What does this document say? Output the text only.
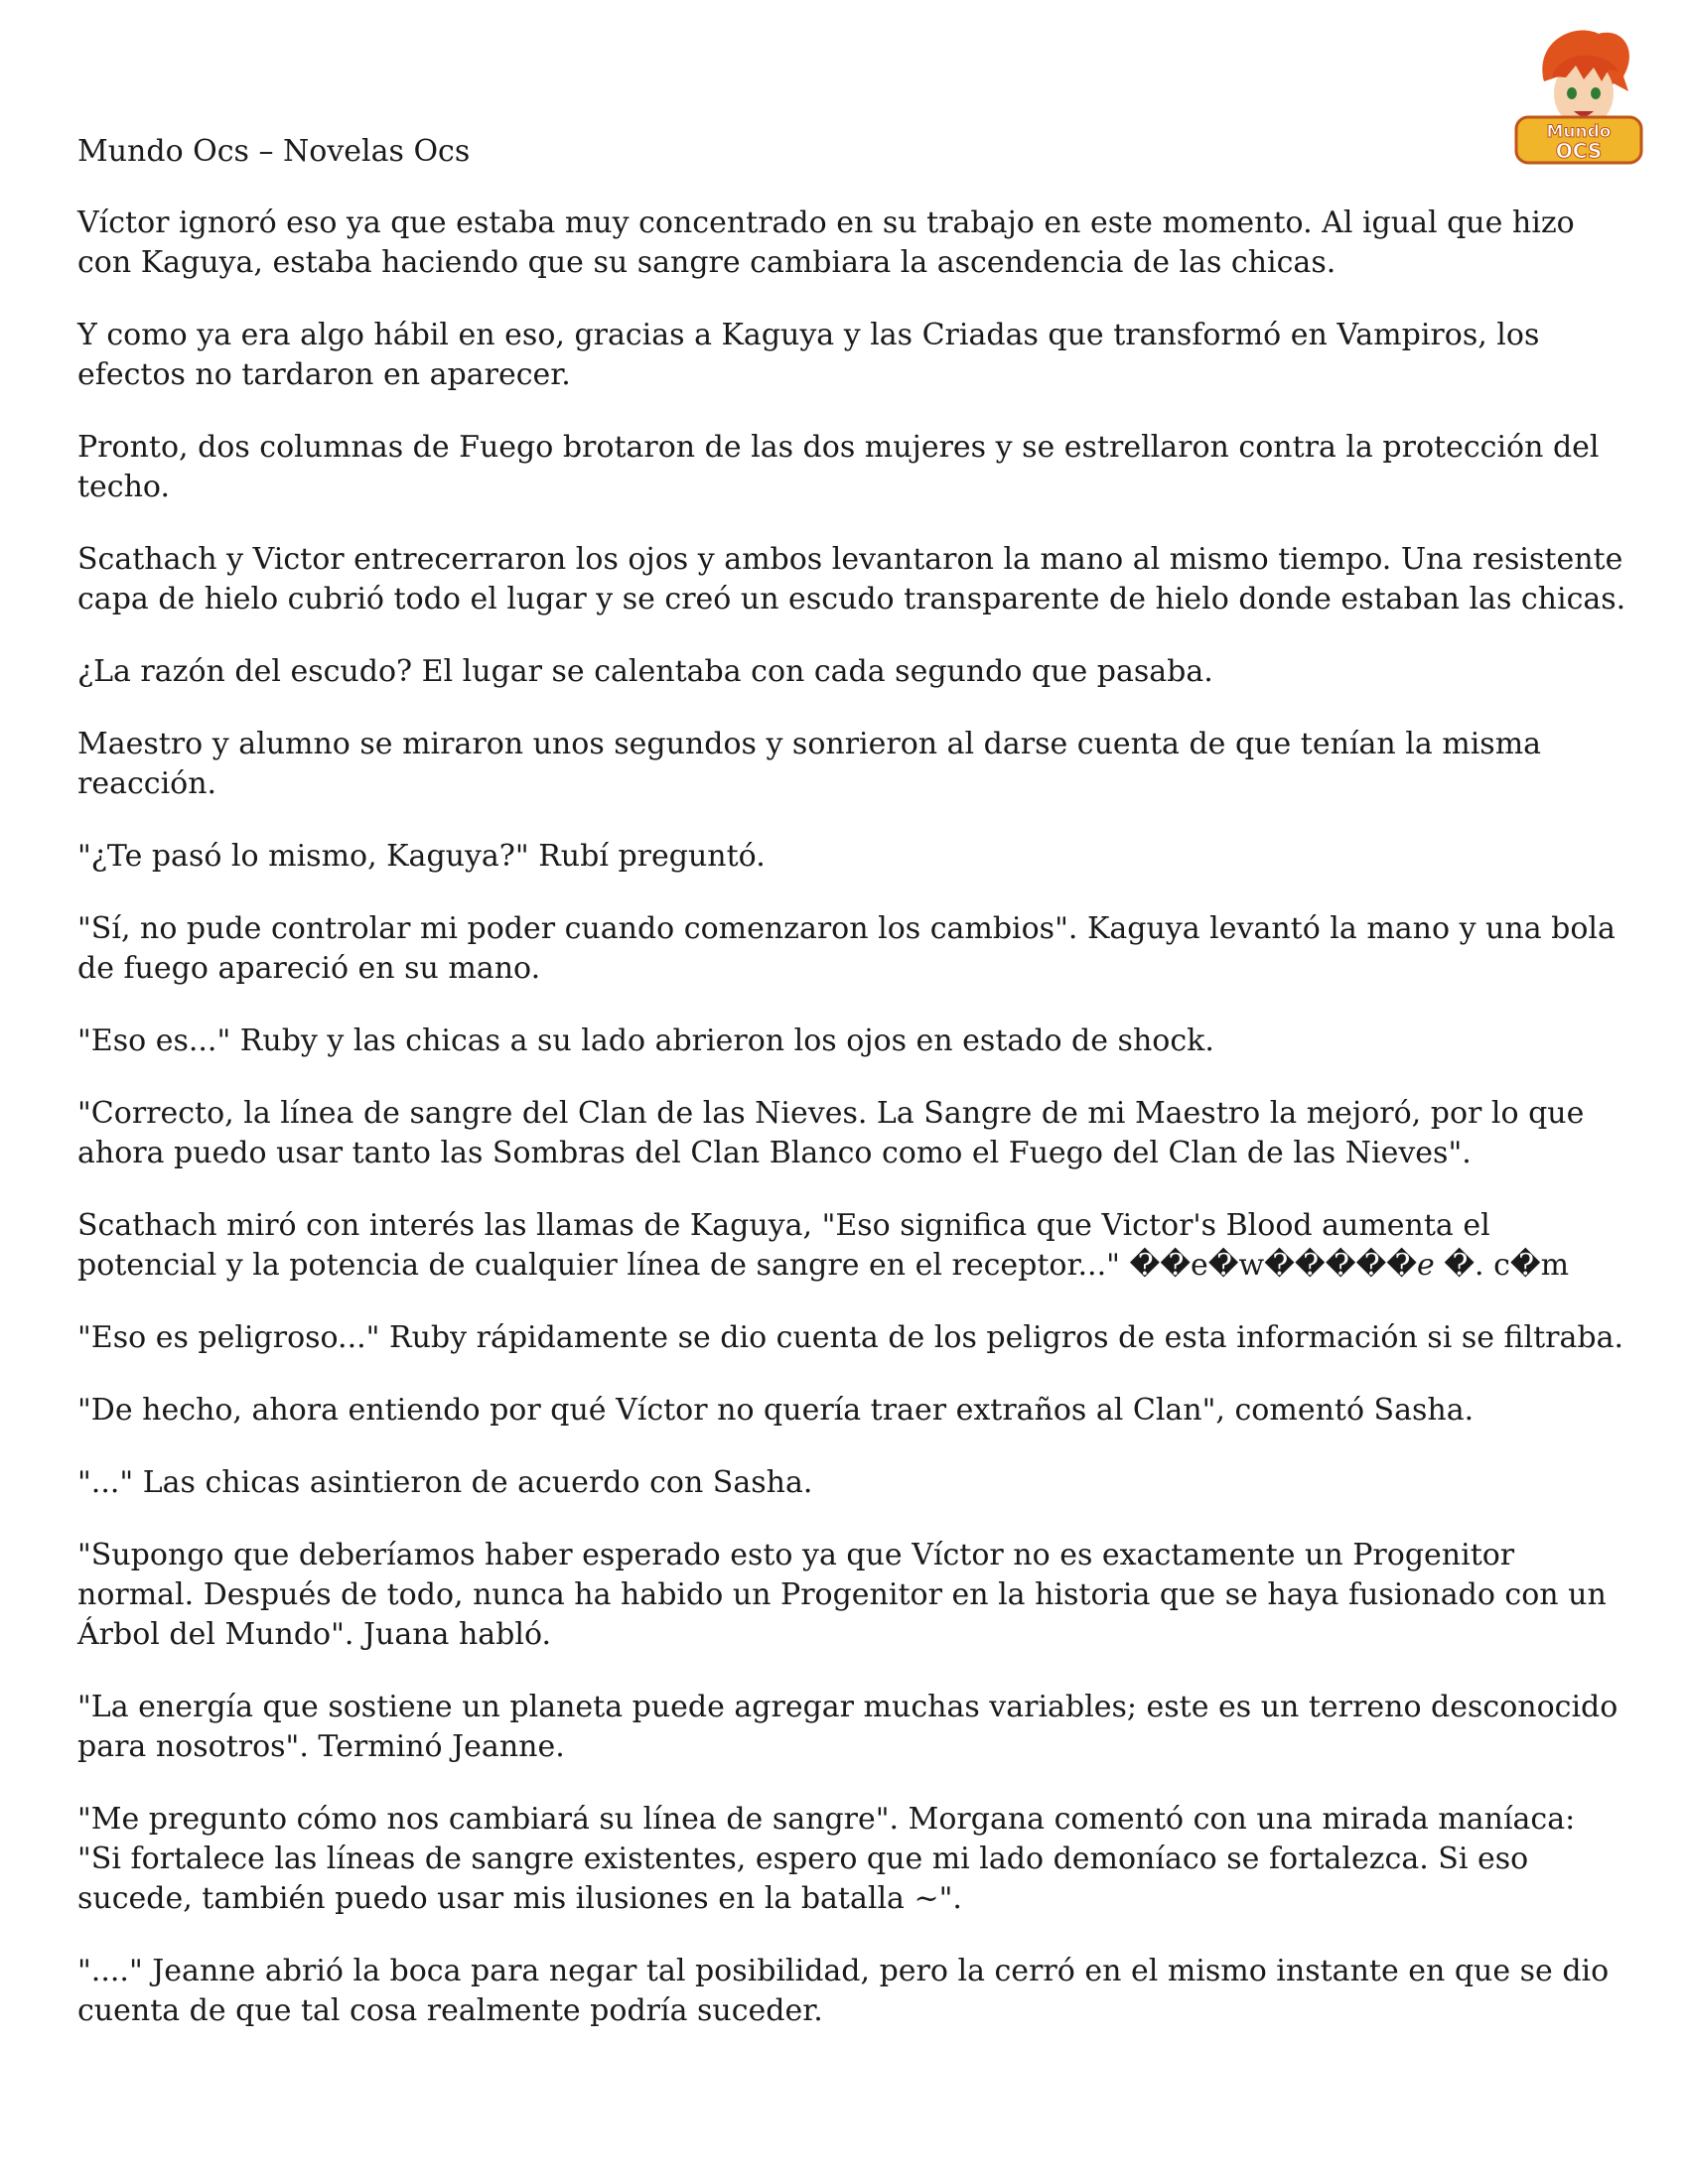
Mundo
OCS

Mundo Ocs – Novelas Ocs

Víctor ignoró eso ya que estaba muy concentrado en su trabajo en este momento. Al igual que hizo con Kaguya, estaba haciendo que su sangre cambiara la ascendencia de las chicas.

Y como ya era algo hábil en eso, gracias a Kaguya y las Criadas que transformó en Vampiros, los efectos no tardaron en aparecer.

Pronto, dos columnas de Fuego brotaron de las dos mujeres y se estrellaron contra la protección del techo.

Scathach y Victor entrecerraron los ojos y ambos levantaron la mano al mismo tiempo. Una resistente capa de hielo cubrió todo el lugar y se creó un escudo transparente de hielo donde estaban las chicas.

¿La razón del escudo? El lugar se calentaba con cada segundo que pasaba.

Maestro y alumno se miraron unos segundos y sonrieron al darse cuenta de que tenían la misma reacción.

"¿Te pasó lo mismo, Kaguya?" Rubí preguntó.

"Sí, no pude controlar mi poder cuando comenzaron los cambios". Kaguya levantó la mano y una bola de fuego apareció en su mano.

"Eso es..." Ruby y las chicas a su lado abrieron los ojos en estado de shock.

"Correcto, la línea de sangre del Clan de las Nieves. La Sangre de mi Maestro la mejoró, por lo que ahora puedo usar tanto las Sombras del Clan Blanco como el Fuego del Clan de las Nieves".

Scathach miró con interés las llamas de Kaguya, "Eso significa que Victor's Blood aumenta el potencial y la potencia de cualquier línea de sangre en el receptor..." ��e�w�����ℯ �. c�m

"Eso es peligroso..." Ruby rápidamente se dio cuenta de los peligros de esta información si se filtraba.

"De hecho, ahora entiendo por qué Víctor no quería traer extraños al Clan", comentó Sasha.

"..." Las chicas asintieron de acuerdo con Sasha.

"Supongo que deberíamos haber esperado esto ya que Víctor no es exactamente un Progenitor normal. Después de todo, nunca ha habido un Progenitor en la historia que se haya fusionado con un Árbol del Mundo". Juana habló.

"La energía que sostiene un planeta puede agregar muchas variables; este es un terreno desconocido para nosotros". Terminó Jeanne.

"Me pregunto cómo nos cambiará su línea de sangre". Morgana comentó con una mirada maníaca: "Si fortalece las líneas de sangre existentes, espero que mi lado demoníaco se fortalezca. Si eso sucede, también puedo usar mis ilusiones en la batalla ~".

"...." Jeanne abrió la boca para negar tal posibilidad, pero la cerró en el mismo instante en que se dio cuenta de que tal cosa realmente podría suceder.
